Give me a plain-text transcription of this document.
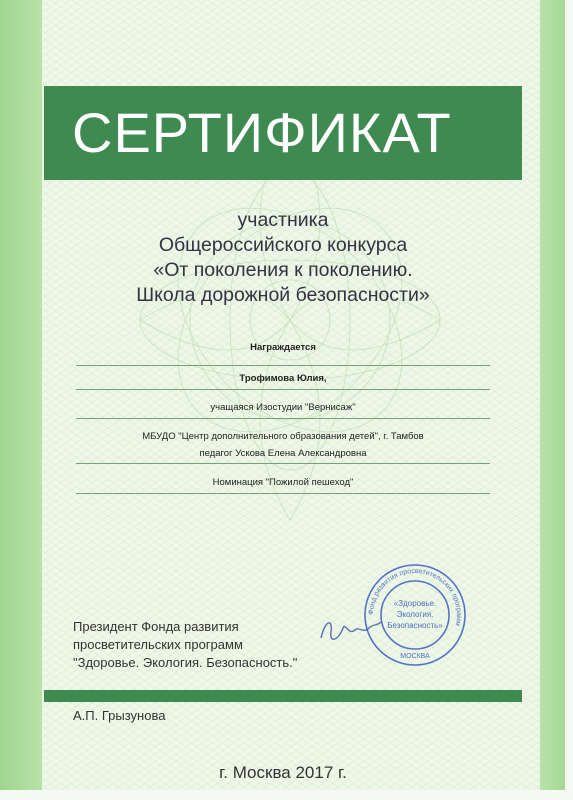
СЕРТИФИКАТ
участника
Общероссийского конкурса
«От поколения к поколению.
Школа дорожной безопасности»
Награждается
Трофимова Юлия,
учащаяся Изостудии "Вернисаж"
МБУДО "Центр дополнительного образования детей", г. Тамбов
педагог Ускова Елена Александровна
Номинация "Пожилой пешеход"
Президент Фонда развития
просветительских программ
"Здоровье. Экология. Безопасность."
Фонд развития просветительских программ
«Здоровье.
Экология.
Безопасность»
МОСКВА
А.П. Грызунова
г. Москва 2017 г.
